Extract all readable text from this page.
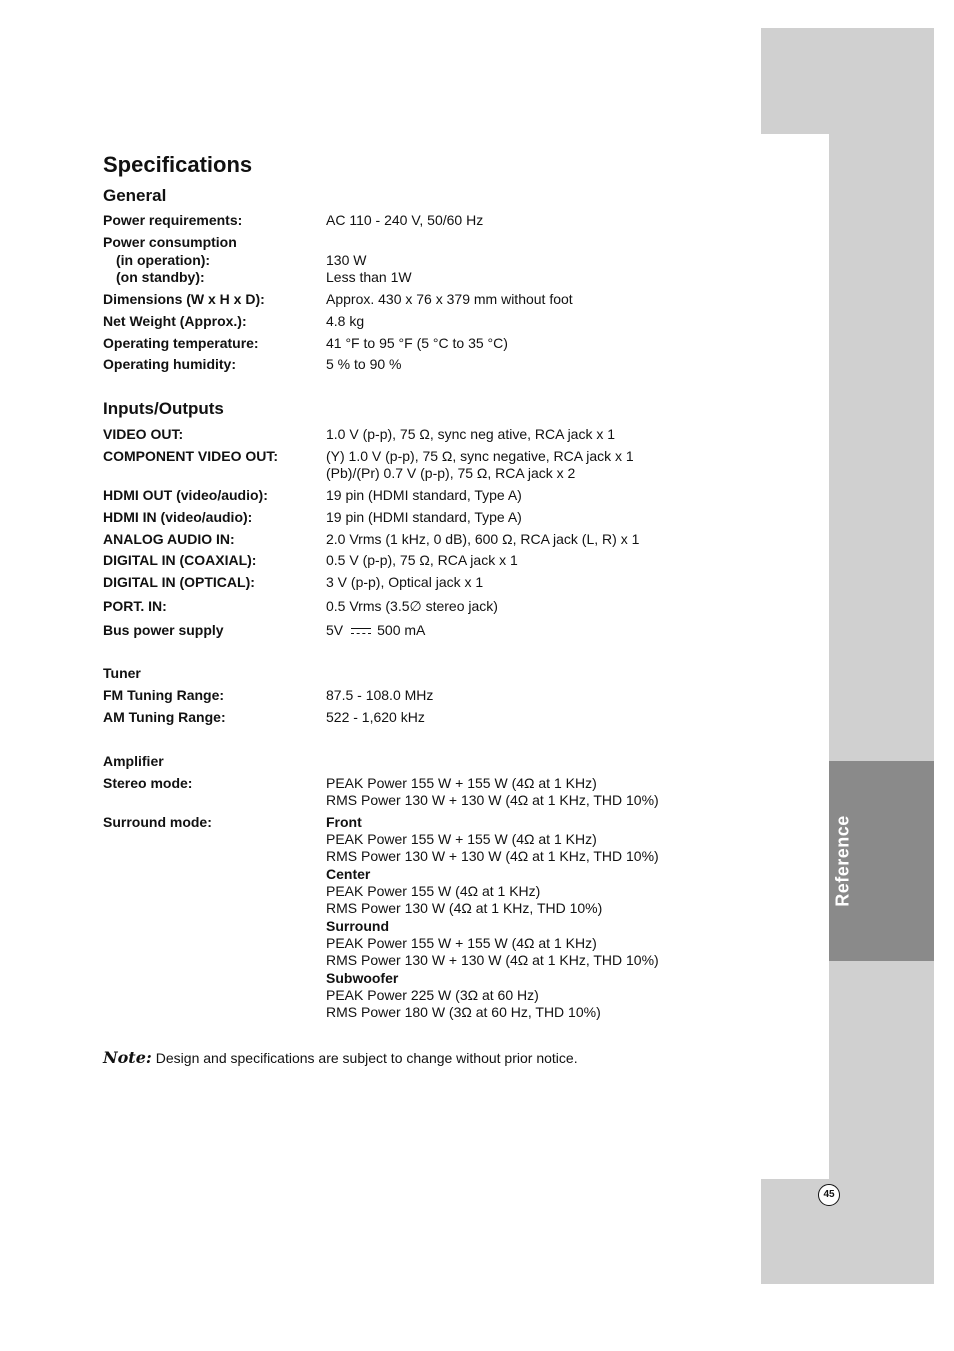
Reference
45
Specifications
General
Power requirements:	AC 110 - 240 V, 50/60 Hz
Power consumption
(in operation):	130 W
(on standby):	Less than 1W
Dimensions (W x H x D):	Approx. 430 x 76 x 379 mm without foot
Net Weight (Approx.):	4.8 kg
Operating temperature:	41 °F to 95 °F (5 °C to 35 °C)
Operating humidity:	5 % to 90 %
Inputs/Outputs
VIDEO OUT:	1.0 V (p-p), 75 Ω, sync neg ative, RCA jack x 1
COMPONENT VIDEO OUT:	(Y) 1.0 V (p-p), 75 Ω, sync negative, RCA jack x 1
(Pb)/(Pr) 0.7 V (p-p), 75 Ω, RCA jack x 2
HDMI OUT (video/audio):	19 pin (HDMI standard, Type A)
HDMI IN (video/audio):	19 pin (HDMI standard, Type A)
ANALOG AUDIO IN:	2.0 Vrms (1 kHz, 0 dB), 600 Ω, RCA jack (L, R) x 1
DIGITAL IN (COAXIAL):	0.5 V (p-p), 75 Ω, RCA jack x 1
DIGITAL IN (OPTICAL):	3 V (p-p), Optical jack x 1
PORT. IN:	0.5 Vrms (3.5∅ stereo jack)
Bus power supply	5V 500 mA
Tuner
FM Tuning Range:	87.5 - 108.0 MHz
AM Tuning Range:	522 - 1,620 kHz
Amplifier
Stereo mode:	PEAK Power 155 W + 155 W (4Ω at 1 KHz)
RMS Power 130 W + 130 W (4Ω at 1 KHz, THD 10%)
Surround mode:	Front
PEAK Power 155 W + 155 W (4Ω at 1 KHz)
RMS Power 130 W + 130 W (4Ω at 1 KHz, THD 10%)
Center
PEAK Power 155 W (4Ω at 1 KHz)
RMS Power 130 W (4Ω at 1 KHz, THD 10%)
Surround
PEAK Power 155 W + 155 W (4Ω at 1 KHz)
RMS Power 130 W + 130 W (4Ω at 1 KHz, THD 10%)
Subwoofer
PEAK Power 225 W (3Ω at 60 Hz)
RMS Power 180 W (3Ω at 60 Hz, THD 10%)
Note: Design and specifications are subject to change without prior notice.
